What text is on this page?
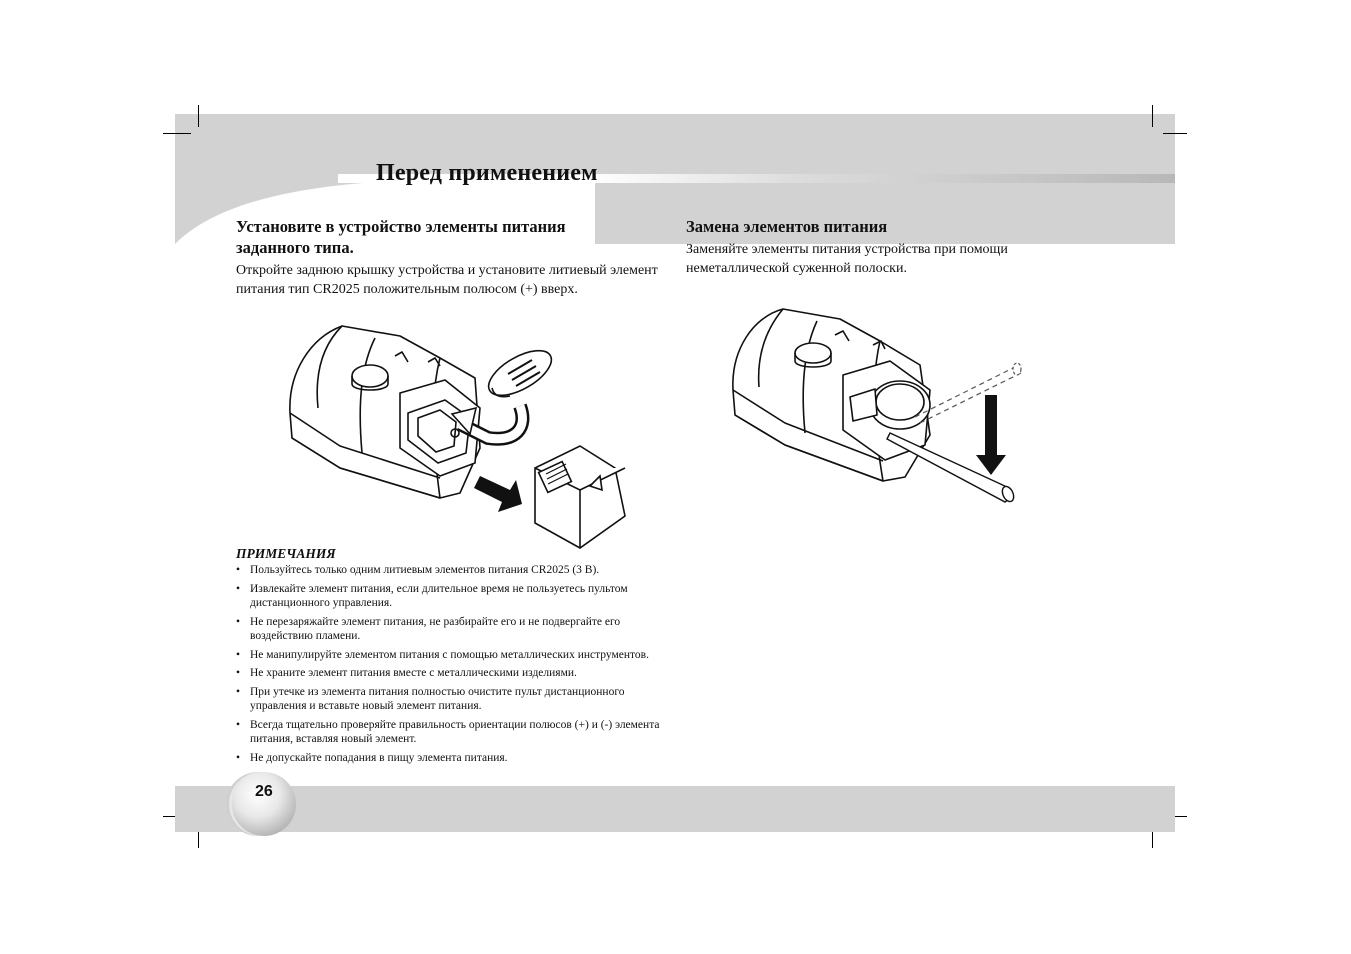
Перед применением
Установите в устройство элементы питания заданного типа.
Откройте заднюю крышку устройства и установите литиевый элемент питания тип CR2025 положительным полюсом (+) вверх.
ПРИМЕЧАНИЯ
• Пользуйтесь только одним литиевым элементов питания CR2025 (3 В).
• Извлекайте элемент питания, если длительное время не пользуетесь пультом дистанционного управления.
• Не перезаряжайте элемент питания, не разбирайте его и не подвергайте его воздействию пламени.
• Не манипулируйте элементом питания с помощью металлических инструментов.
• Не храните элемент питания вместе с металлическими изделиями.
• При утечке из элемента питания полностью очистите пульт дистанционного управления и вставьте новый элемент питания.
• Всегда тщательно проверяйте правильность ориентации полюсов (+) и (-) элемента питания, вставляя новый элемент.
• Не допускайте попадания в пищу элемента питания.
Замена элементов питания
Заменяйте элементы питания устройства при помощи неметаллической суженной полоски.
26
